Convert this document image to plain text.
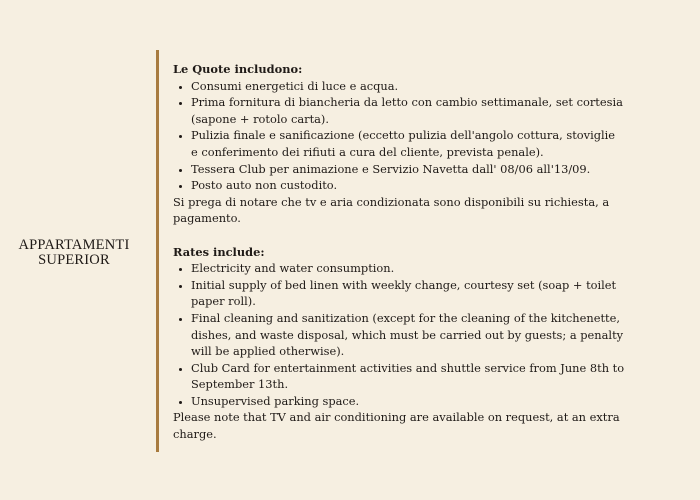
APPARTAMENTI
SUPERIOR

Le Quote includono:

• Consumi energetici di luce e acqua.
• Prima fornitura di biancheria da letto con cambio settimanale, set cortesia (sapone + rotolo carta).
• Pulizia finale e sanificazione (eccetto pulizia dell'angolo cottura, stoviglie e conferimento dei rifiuti a cura del cliente, prevista penale).
• Tessera Club per animazione e Servizio Navetta dall' 08/06 all'13/09.
• Posto auto non custodito.

Si prega di notare che tv e aria condizionata sono disponibili su richiesta, a pagamento.

Rates include:

• Electricity and water consumption.
• Initial supply of bed linen with weekly change, courtesy set (soap + toilet paper roll).
• Final cleaning and sanitization (except for the cleaning of the kitchenette, dishes, and waste disposal, which must be carried out by guests; a penalty will be applied otherwise).
• Club Card for entertainment activities and shuttle service from June 8th to September 13th.
• Unsupervised parking space.

Please note that TV and air conditioning are available on request, at an extra charge.
